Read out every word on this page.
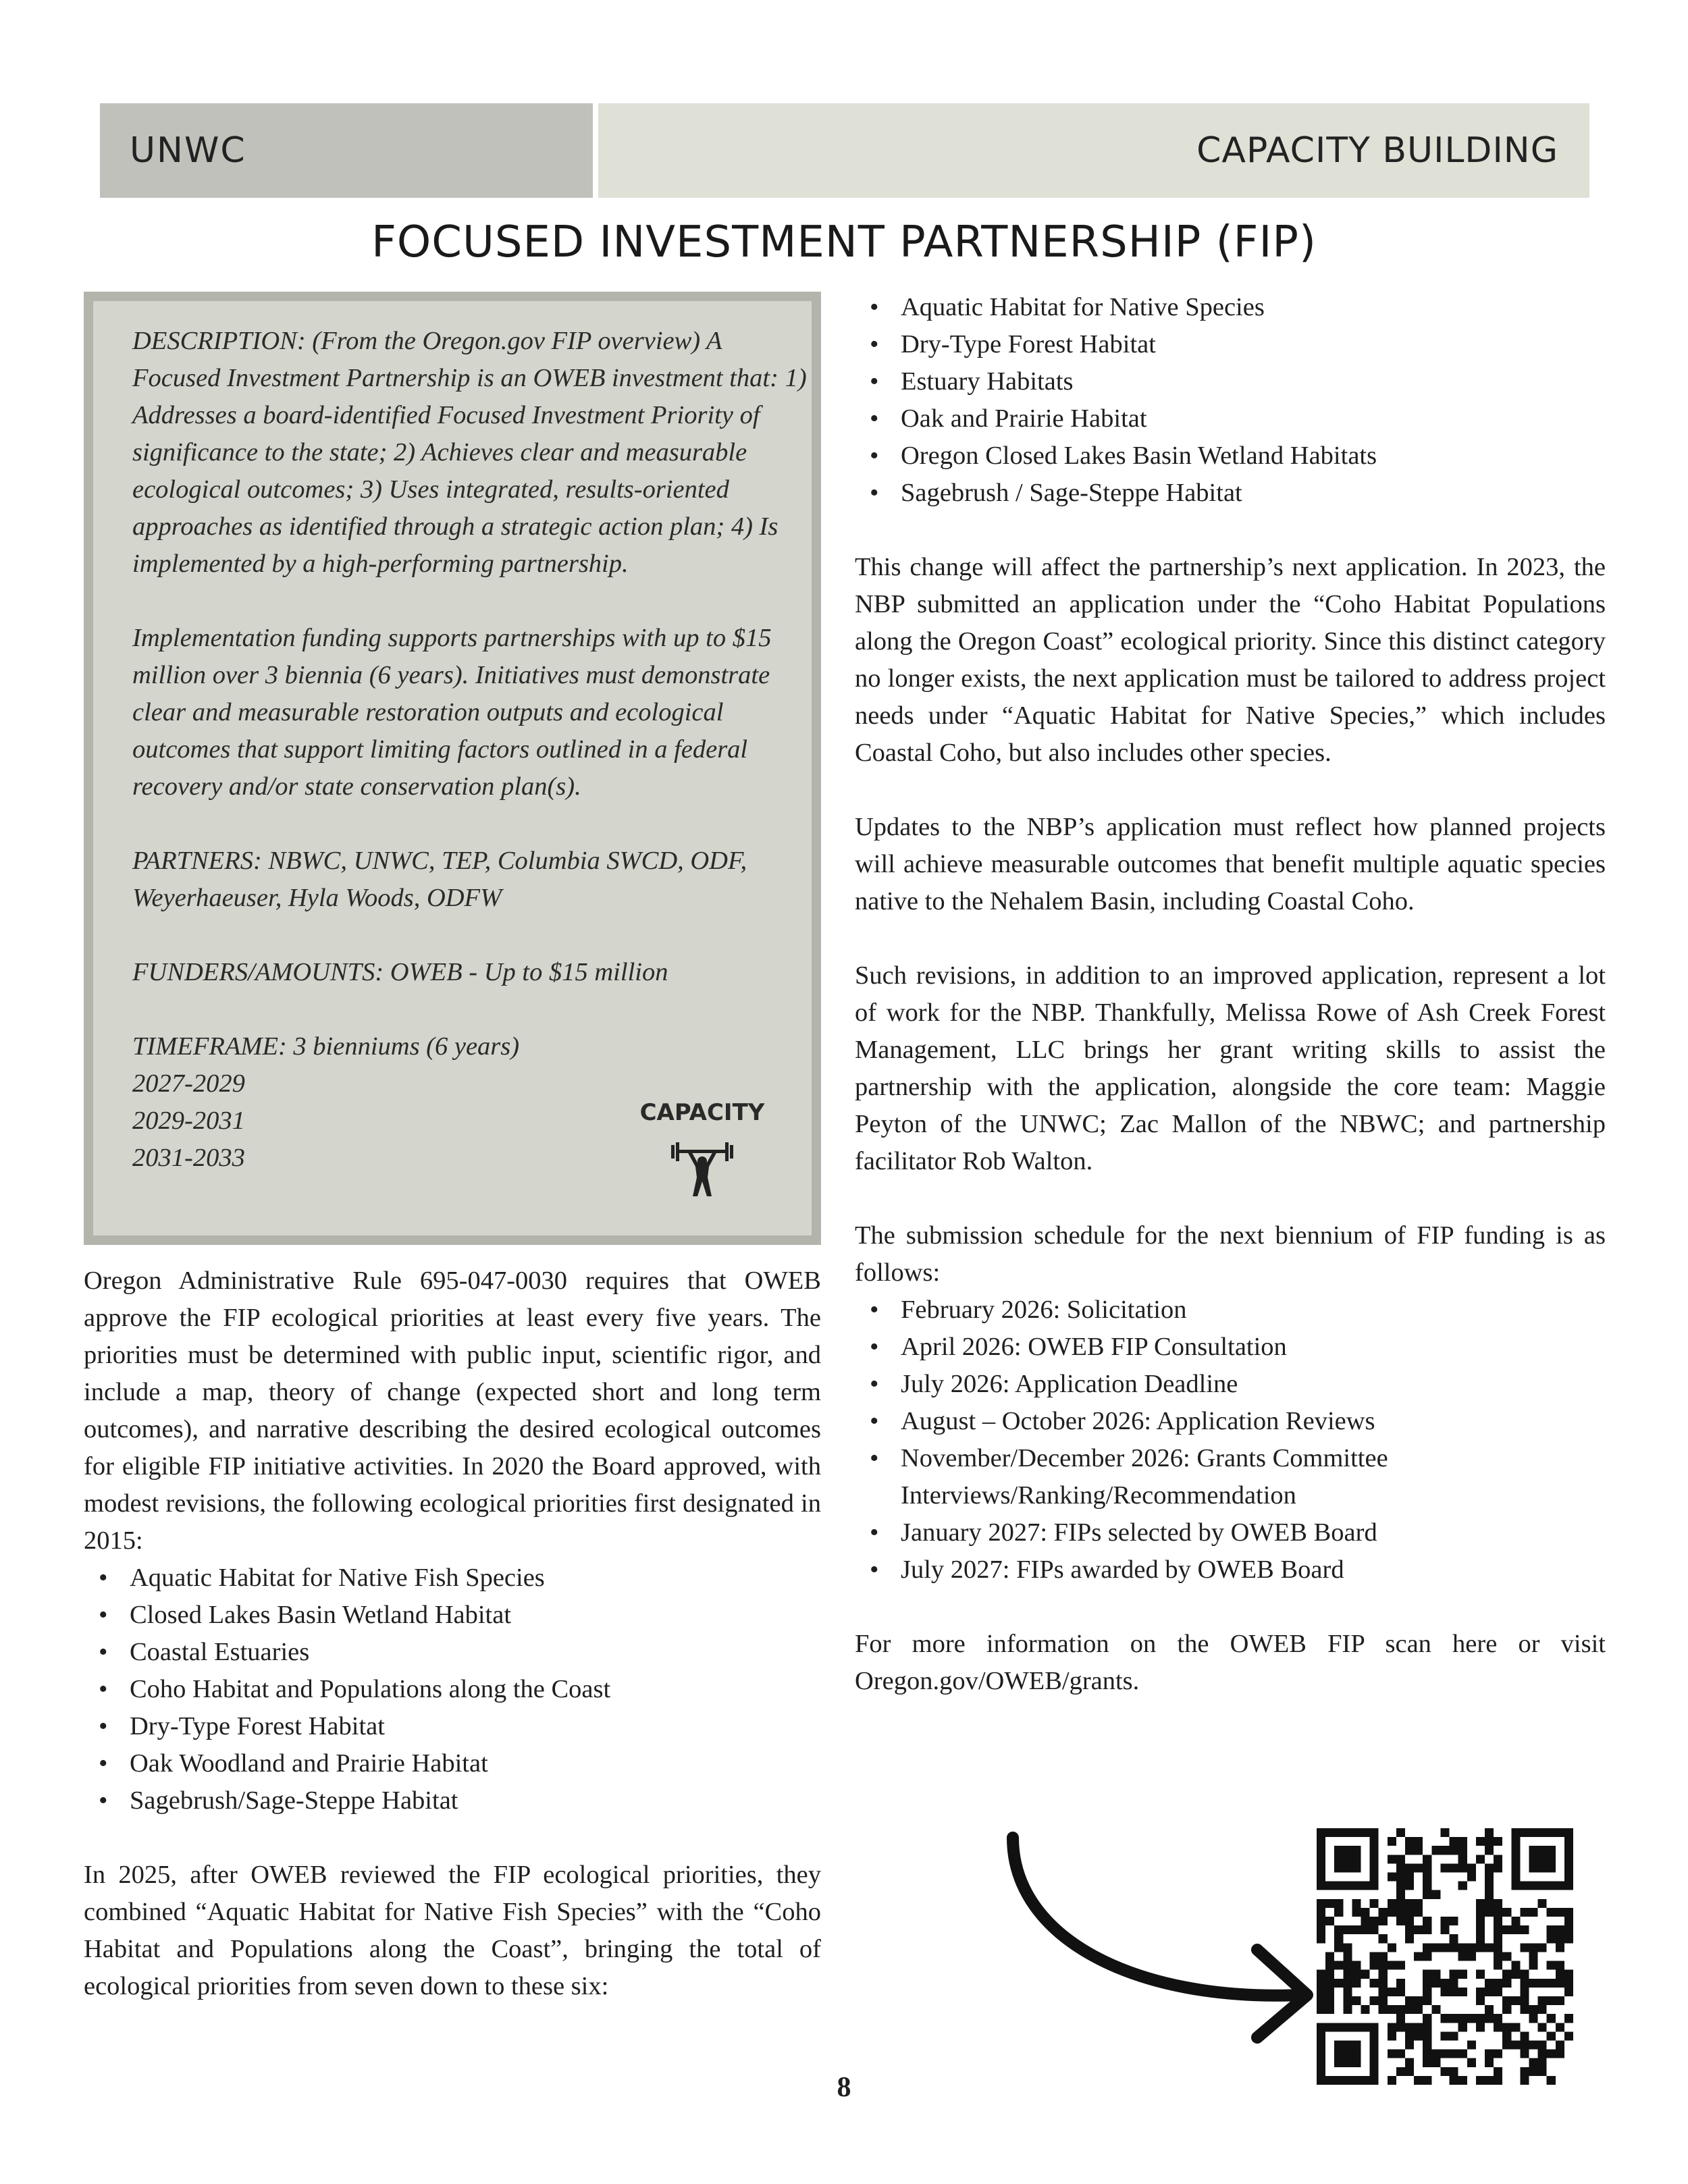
UNWC	CAPACITY BUILDING
FOCUSED INVESTMENT PARTNERSHIP (FIP)

DESCRIPTION: (From the Oregon.gov FIP overview) A Focused Investment Partnership is an OWEB investment that: 1) Addresses a board-identified Focused Investment Priority of significance to the state; 2) Achieves clear and measurable ecological outcomes; 3) Uses integrated, results-oriented approaches as identified through a strategic action plan; 4) Is implemented by a high-performing partnership.

Implementation funding supports partnerships with up to $15 million over 3 biennia (6 years). Initiatives must demonstrate clear and measurable restoration outputs and ecological outcomes that support limiting factors outlined in a federal recovery and/or state conservation plan(s).

PARTNERS: NBWC, UNWC, TEP, Columbia SWCD, ODF, Weyerhaeuser, Hyla Woods, ODFW

FUNDERS/AMOUNTS: OWEB - Up to $15 million

TIMEFRAME: 3 bienniums (6 years)

2027-2029
2029-2031
2031-2033
CAPACITY

Oregon Administrative Rule 695-047-0030 requires that OWEB approve the FIP ecological priorities at least every five years. The priorities must be determined with public input, scientific rigor, and include a map, theory of change (expected short and long term outcomes), and narrative describing the desired ecological outcomes for eligible FIP initiative activities. In 2020 the Board approved, with modest revisions, the following ecological priorities first designated in 2015:

• Aquatic Habitat for Native Fish Species
• Closed Lakes Basin Wetland Habitat
• Coastal Estuaries
• Coho Habitat and Populations along the Coast
• Dry-Type Forest Habitat
• Oak Woodland and Prairie Habitat
• Sagebrush/Sage-Steppe Habitat

In 2025, after OWEB reviewed the FIP ecological priorities, they combined “Aquatic Habitat for Native Fish Species” with the “Coho Habitat and Populations along the Coast”, bringing the total of ecological priorities from seven down to these six:

• Aquatic Habitat for Native Species
• Dry-Type Forest Habitat
• Estuary Habitats
• Oak and Prairie Habitat
• Oregon Closed Lakes Basin Wetland Habitats
• Sagebrush / Sage-Steppe Habitat

This change will affect the partnership’s next application. In 2023, the NBP submitted an application under the “Coho Habitat Populations along the Oregon Coast” ecological priority. Since this distinct category no longer exists, the next application must be tailored to address project needs under “Aquatic Habitat for Native Species,” which includes Coastal Coho, but also includes other species.

Updates to the NBP’s application must reflect how planned projects will achieve measurable outcomes that benefit multiple aquatic species native to the Nehalem Basin, including Coastal Coho.

Such revisions, in addition to an improved application, represent a lot of work for the NBP. Thankfully, Melissa Rowe of Ash Creek Forest Management, LLC brings her grant writing skills to assist the partnership with the application, alongside the core team: Maggie Peyton of the UNWC; Zac Mallon of the NBWC; and partnership facilitator Rob Walton.

The submission schedule for the next biennium of FIP funding is as follows:

• February 2026: Solicitation
• April 2026: OWEB FIP Consultation
• July 2026: Application Deadline
• August – October 2026: Application Reviews
• November/December 2026: Grants Committee Interviews/Ranking/Recommendation
• January 2027: FIPs selected by OWEB Board
• July 2027: FIPs awarded by OWEB Board

For more information on the OWEB FIP scan here or visit Oregon.gov/OWEB/grants.

8
